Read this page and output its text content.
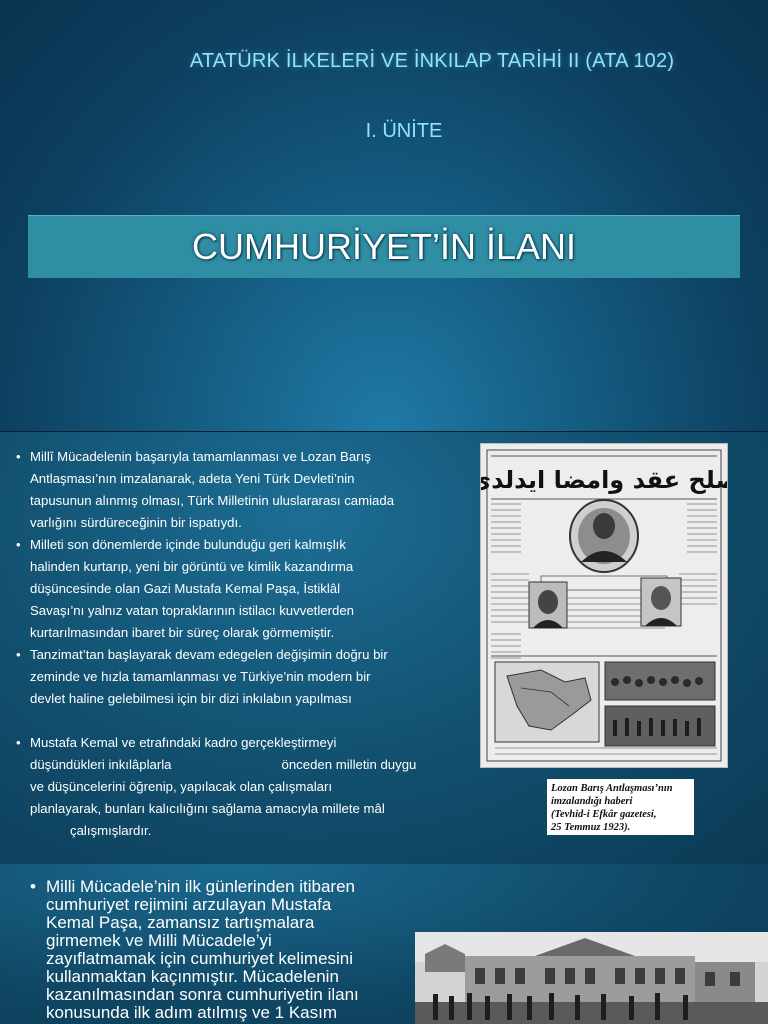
ATATÜRK İLKELERİ VE İNKILAP TARİHİ II (ATA 102)
I. ÜNİTE
CUMHURİYET’İN İLANI
• Millî Mücadelenin başarıyla tamamlanması ve Lozan Barış
Antlaşması’nın imzalanarak, adeta Yeni Türk Devleti’nin
tapusunun alınmış olması, Türk Milletinin uluslararası camiada
varlığını sürdüreceğinin bir ispatıydı.
• Milleti son dönemlerde içinde bulunduğu geri kalmışlık
halinden kurtarıp, yeni bir görüntü ve kimlik kazandırma
düşüncesinde olan Gazi Mustafa Kemal Paşa, İstiklâl
Savaşı’nı yalnız vatan topraklarının istilacı kuvvetlerden
kurtarılmasından ibaret bir süreç olarak görmemiştir.
• Tanzimat’tan başlayarak devam edegelen değişimin doğru bir
zeminde ve hızla tamamlanması ve Türkiye’nin modern bir
devlet haline gelebilmesi için bir dizi inkılabın yapılması
• Mustafa Kemal ve etrafındaki kadro gerçekleştirmeyi
düşündükleri inkılâplarla	önceden milletin duygu
ve düşüncelerini öğrenip, yapılacak olan çalışmaları
planlayarak, bunları kalıcılığını sağlama amacıyla millete mâl
çalışmışlardır.
صلح عقد وامضا ايدلدى
Lozan Barış Antlaşması’nın
imzalandığı haberi
(Tevhid-i Efkâr gazetesi,
25 Temmuz 1923).
• Milli Mücadele’nin ilk günlerinden itibaren
cumhuriyet rejimini arzulayan Mustafa
Kemal Paşa, zamansız tartışmalara
girmemek ve Milli Mücadele’yi
zayıflatmamak için cumhuriyet kelimesini
kullanmaktan kaçınmıştır. Mücadelenin
kazanılmasından sonra cumhuriyetin ilanı
konusunda ilk adım atılmış ve 1 Kasım
